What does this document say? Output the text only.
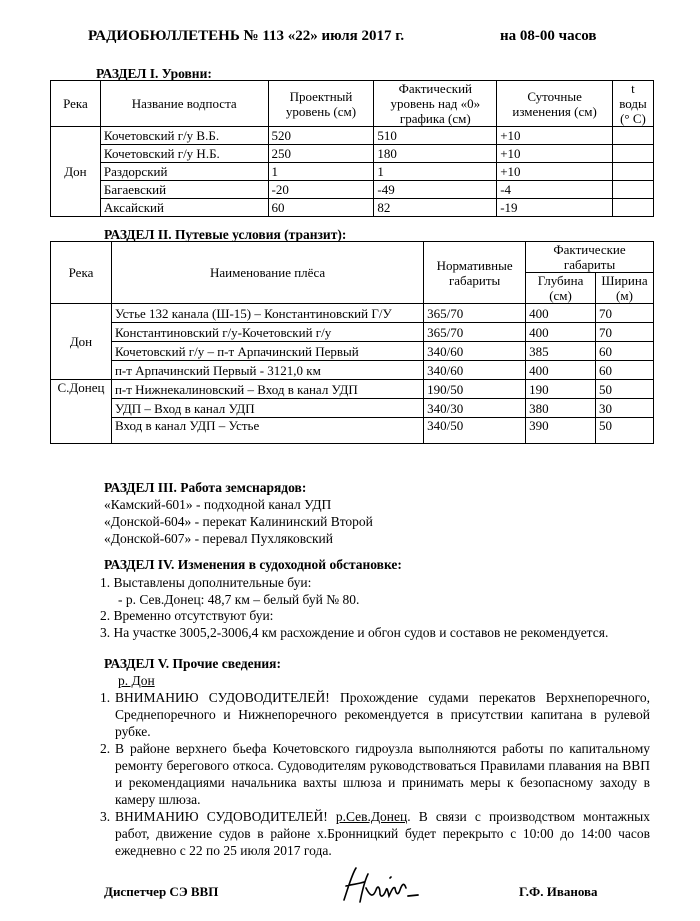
РАДИОБЮЛЛЕТЕНЬ № 113 «22» июля 2017 г.	на 08-00 часов
РАЗДЕЛ I. Уровни:
Река	Название водпоста	Проектный уровень (см)	Фактический уровень над «0» графика (см)	Суточные изменения (см)	t воды (° С)
Дон	Кочетовский г/у В.Б.	520	510	+10	
	Кочетовский г/у Н.Б.	250	180	+10	
	Раздорский	1	1	+10	
	Багаевский	-20	-49	-4	
	Аксайский	60	82	-19	
РАЗДЕЛ II. Путевые условия (транзит):
Река	Наименование плёса	Нормативные габариты	Фактические габариты	
			Глубина (см)	Ширина (м)
Дон	Устье 132 канала (Ш-15) – Константиновский Г/У	365/70	400	70
	Константиновский г/у-Кочетовский г/у	365/70	400	70
	Кочетовский г/у – п-т Арпачинский Первый	340/60	385	60
	п-т Арпачинский Первый - 3121,0 км	340/60	400	60
С.Донец	п-т Нижнекалиновский – Вход в канал УДП	190/50	190	50
	УДП – Вход в канал УДП	340/30	380	30
	Вход в канал УДП – Устье	340/50	390	50
РАЗДЕЛ III. Работа земснарядов:
«Камский-601» - подходной канал УДП
«Донской-604» - перекат Калининский Второй
«Донской-607» - перевал Пухляковский
РАЗДЕЛ IV. Изменения в судоходной обстановке:
1. Выставлены дополнительные буи:
- р. Сев.Донец: 48,7 км – белый буй № 80.
2. Временно отсутствуют буи:
3. На участке 3005,2-3006,4 км расхождение и обгон судов и составов не рекомендуется.
РАЗДЕЛ V. Прочие сведения:
р. Дон
1. ВНИМАНИЮ СУДОВОДИТЕЛЕЙ! Прохождение судами перекатов Верхнепоречного, Среднепоречного и Нижнепоречного рекомендуется в присутствии капитана в рулевой рубке.
2. В районе верхнего бьефа Кочетовского гидроузла выполняются работы по капитальному ремонту берегового откоса. Судоводителям руководствоваться Правилами плавания на ВВП и рекомендациями начальника вахты шлюза и принимать меры к безопасному заходу в камеру шлюза.
3. ВНИМАНИЮ СУДОВОДИТЕЛЕЙ! р.Сев.Донец. В связи с производством монтажных работ, движение судов в районе х.Бронницкий будет перекрыто с 10:00 до 14:00 часов ежедневно с 22 по 25 июля 2017 года.
Диспетчер СЭ ВВП	Г.Ф. Иванова
